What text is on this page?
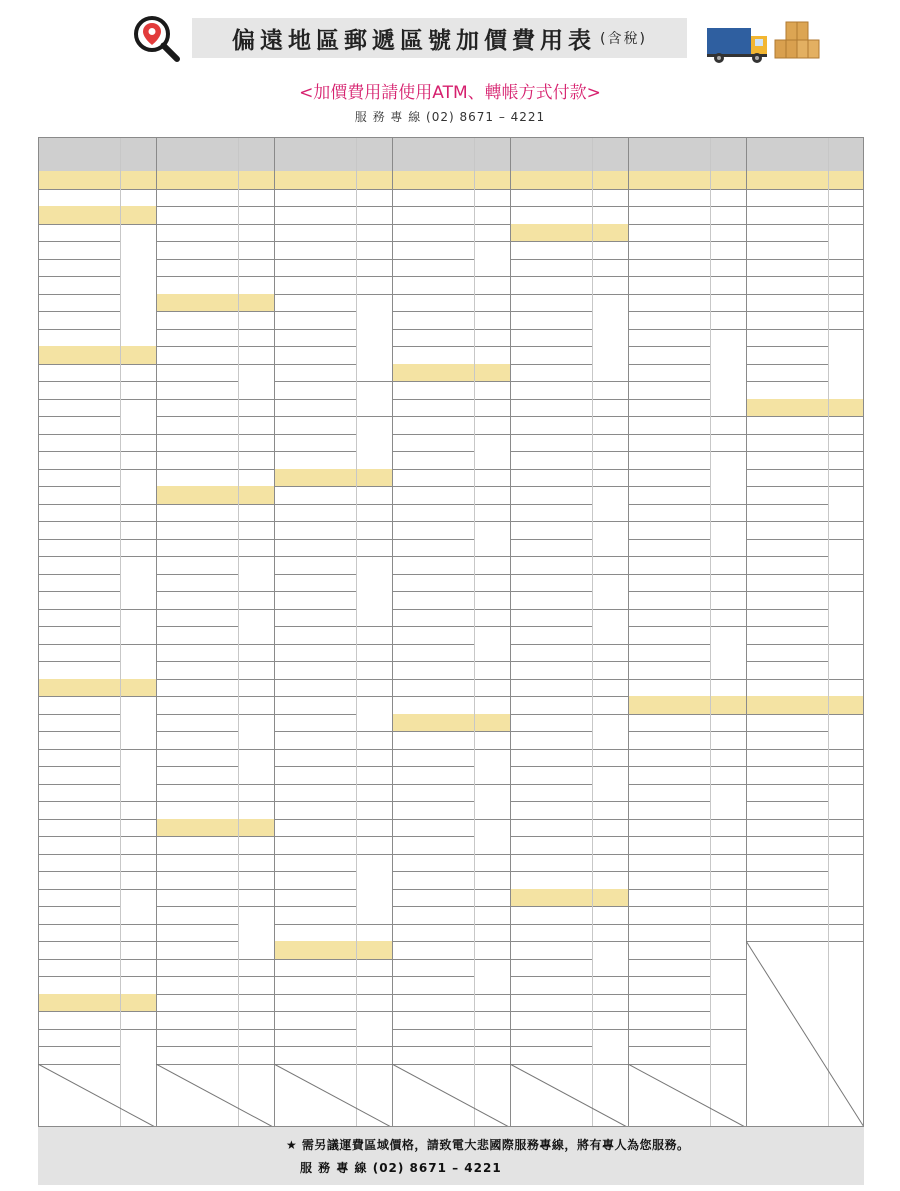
偏遠地區郵遞區號加價費用表 (含稅)
<加價費用請使用ATM、轉帳方式付款>
服 務 專 線 (02) 8671 – 4221
★ 需另議運費區域價格，請致電大悲國際服務專線，將有專人為您服務。
服 務 專 線 (02) 8671 – 4221
